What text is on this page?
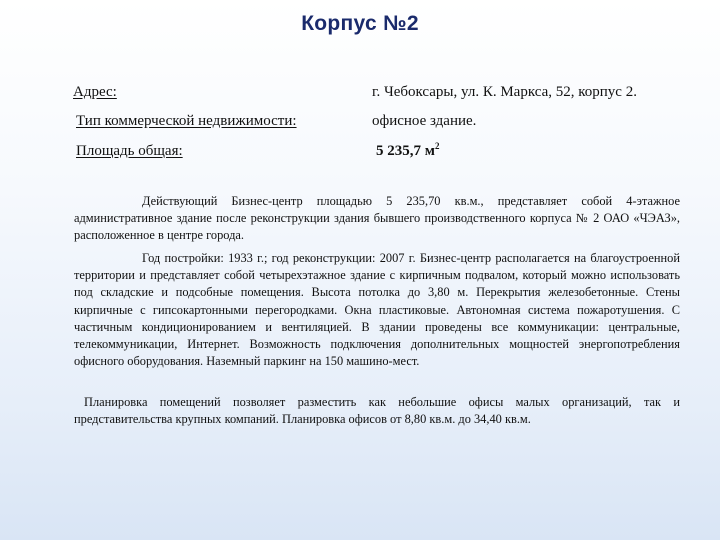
Корпус №2
Адрес:	г. Чебоксары, ул. К. Маркса, 52, корпус 2.
Тип коммерческой недвижимости:	офисное здание.
Площадь общая:	5 235,7 $м^2$

Действующий Бизнес-центр площадью 5 235,70 кв.м., представляет собой 4-этажное административное здание после реконструкции здания бывшего производственного корпуса № 2 ОАО «ЧЭАЗ», расположенное в центре города.

Год постройки: 1933 г.; год реконструкции: 2007 г. Бизнес-центр располагается на благоустроенной территории и представляет собой четырехэтажное здание с кирпичным подвалом, который можно использовать под складские и подсобные помещения. Высота потолка до 3,80 м. Перекрытия железобетонные. Стены кирпичные с гипсокартонными перегородками. Окна пластиковые. Автономная система пожаротушения. С частичным кондиционированием и вентиляцией. В здании проведены все коммуникации: центральные, телекоммуникации, Интернет. Возможность подключения дополнительных мощностей энергопотребления офисного оборудования. Наземный паркинг на 150 машино-мест.

Планировка помещений позволяет разместить как небольшие офисы малых организаций, так и представительства крупных компаний. Планировка офисов от 8,80 кв.м. до 34,40 кв.м.
